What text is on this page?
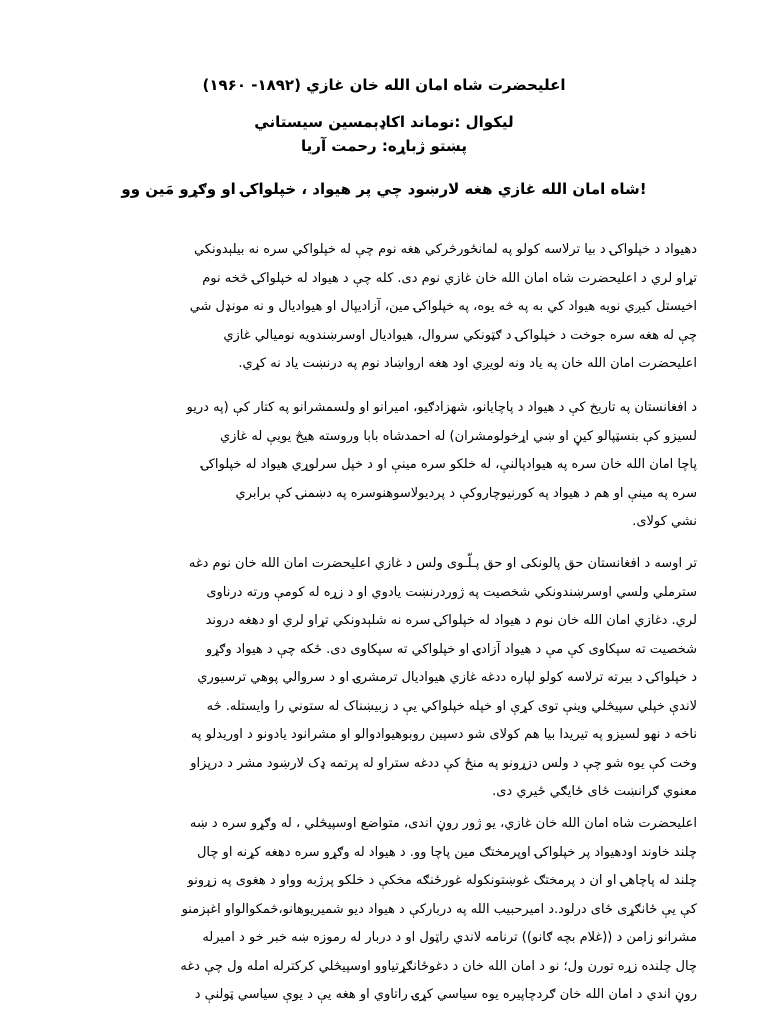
اعليحضرت شاه امان الله خان غازي (۱۸۹۲- ۱۹۶۰)
ليکوال :نوماند اکاډېمسين سيستاني
پښتو ژباړه: رحمت آريا
!شاه امان الله غازي هغه لارښود چي پر هيواد ، خپلواکۍ او وګړو مَين وو
دهيواد د خپلواکۍ د بيا ترلاسه کولو په لمانځورڅرکي هغه نوم چې له خپلواکي سره نه بيلېدونکي
تړاو لري د اعليحضرت شاه امان الله خان غازي نوم دی. کله چې د هيواد له خپلواکۍ څخه نوم
اخيستل کيږي نويه هيواد کي به په څه يوه، په خپلواکۍ مين، آزاديپال او هيواديال و نه مونډل شي
چې له هغه سره جوخت د خپلواکۍ د ګټونکي سروال، هيواديال اوسرښندويه نوميالي غازي
اعليحضرت امان الله خان په ياد ونه لويږي اود هغه ارواښاد نوم په درنښت ياد نه کړي.
د افغانستان په تاريخ کې د هيواد د پاچايانو، شهزادګيو، اميرانو او ولسمشرانو په کتار کې (په دريو
لسيزو کې بنسټپالو کيڼ او ښي اړخولومشران) له احمدشاه بابا وروسته هيڅ يويې له غازي
پاچا امان الله خان سره په هيوادپالنې، له خلکو سره مينې او د خپل سرلوړي هيواد له خپلواکۍ
سره په مينې او هم د هيواد په کورنيوچاروکې د پرديولاسوهنوسره په دښمنۍ کې برابري
نشي کولای.
تر اوسه د افغانستان حق پالونکی او حق پـلّـوی ولس د غازي اعليحضرت امان الله خان نوم دغه
سترملي ولسي اوسرښندونکي شخصيت په ژوردرنښت يادوي او د زړه له کومې ورته درناوی
لري. دغازي امان الله خان نوم د هيواد له خپلواکۍ سره نه شلېدونکي تړاو لري او دهغه دروند
شخصيت ته سپکاوی کې مې د هيواد آزادۍ او خپلواکي ته سپکاوی دی. ځکه چې د هيواد وګړو
د خپلواکۍ د بيرته ترلاسه کولو لپاره ددغه غازي هيواديال ترمشرۍ او د سروالي پوهي ترسيوري
لاندې خپلي سپيڅلي وينې توی کړې او خپله خپلواکي يې د زبيښناک له ستوني را وايستله. څه
ناخه د نهو لسيزو په تيريدا بيا هم کولای شو دسپين روبوهيوادوالو او مشرانود يادونو د اوريدلو په
وخت کې يوه شو چې د ولس دزړونو په منځ کې ددغه ستراو له پرتمه ډک لارښود مشر د درپزاو
معنوي ګرانښت ځای ځايګي ځيري دی.
اعليحضرت شاه امان الله خان غازي، يو ژور روڼ اندی، متواضع اوسپيڅلي ، له وګړو سره د ښه
چلند خاوند اودهيواد پر خپلواکۍ اوپرمختګ مين پاچا وو. د هيواد له وګړو سره دهغه کړنه او چال
چلند له پاچاهۍ او ان د پرمختګ غوښتونکوله غورځنګه مخکې د خلکو پرژبه وواو د هغوی په زړونو
کې يې ځانګړی ځای درلود.د اميرحبيب الله په درباركې د هيواد ديو شميريوهانو،څمکوالواو اغېزمنو
مشرانو زامن د ((غلام بچه ګانو)) ترنامه لاندي راټول او د دربار له رموزه ښه خبر خو د اميرله
چال چلنده زړه تورن ول؛ نو د امان الله خان د دغوځانګړتياوو اوسپيڅلي کرکترله امله ول چې دغه
روڼ اندي د امان الله خان ګردچاپيره يوه سياسي کړۍ راتاوي او هغه يې د يوې سياسي ټولنې د
